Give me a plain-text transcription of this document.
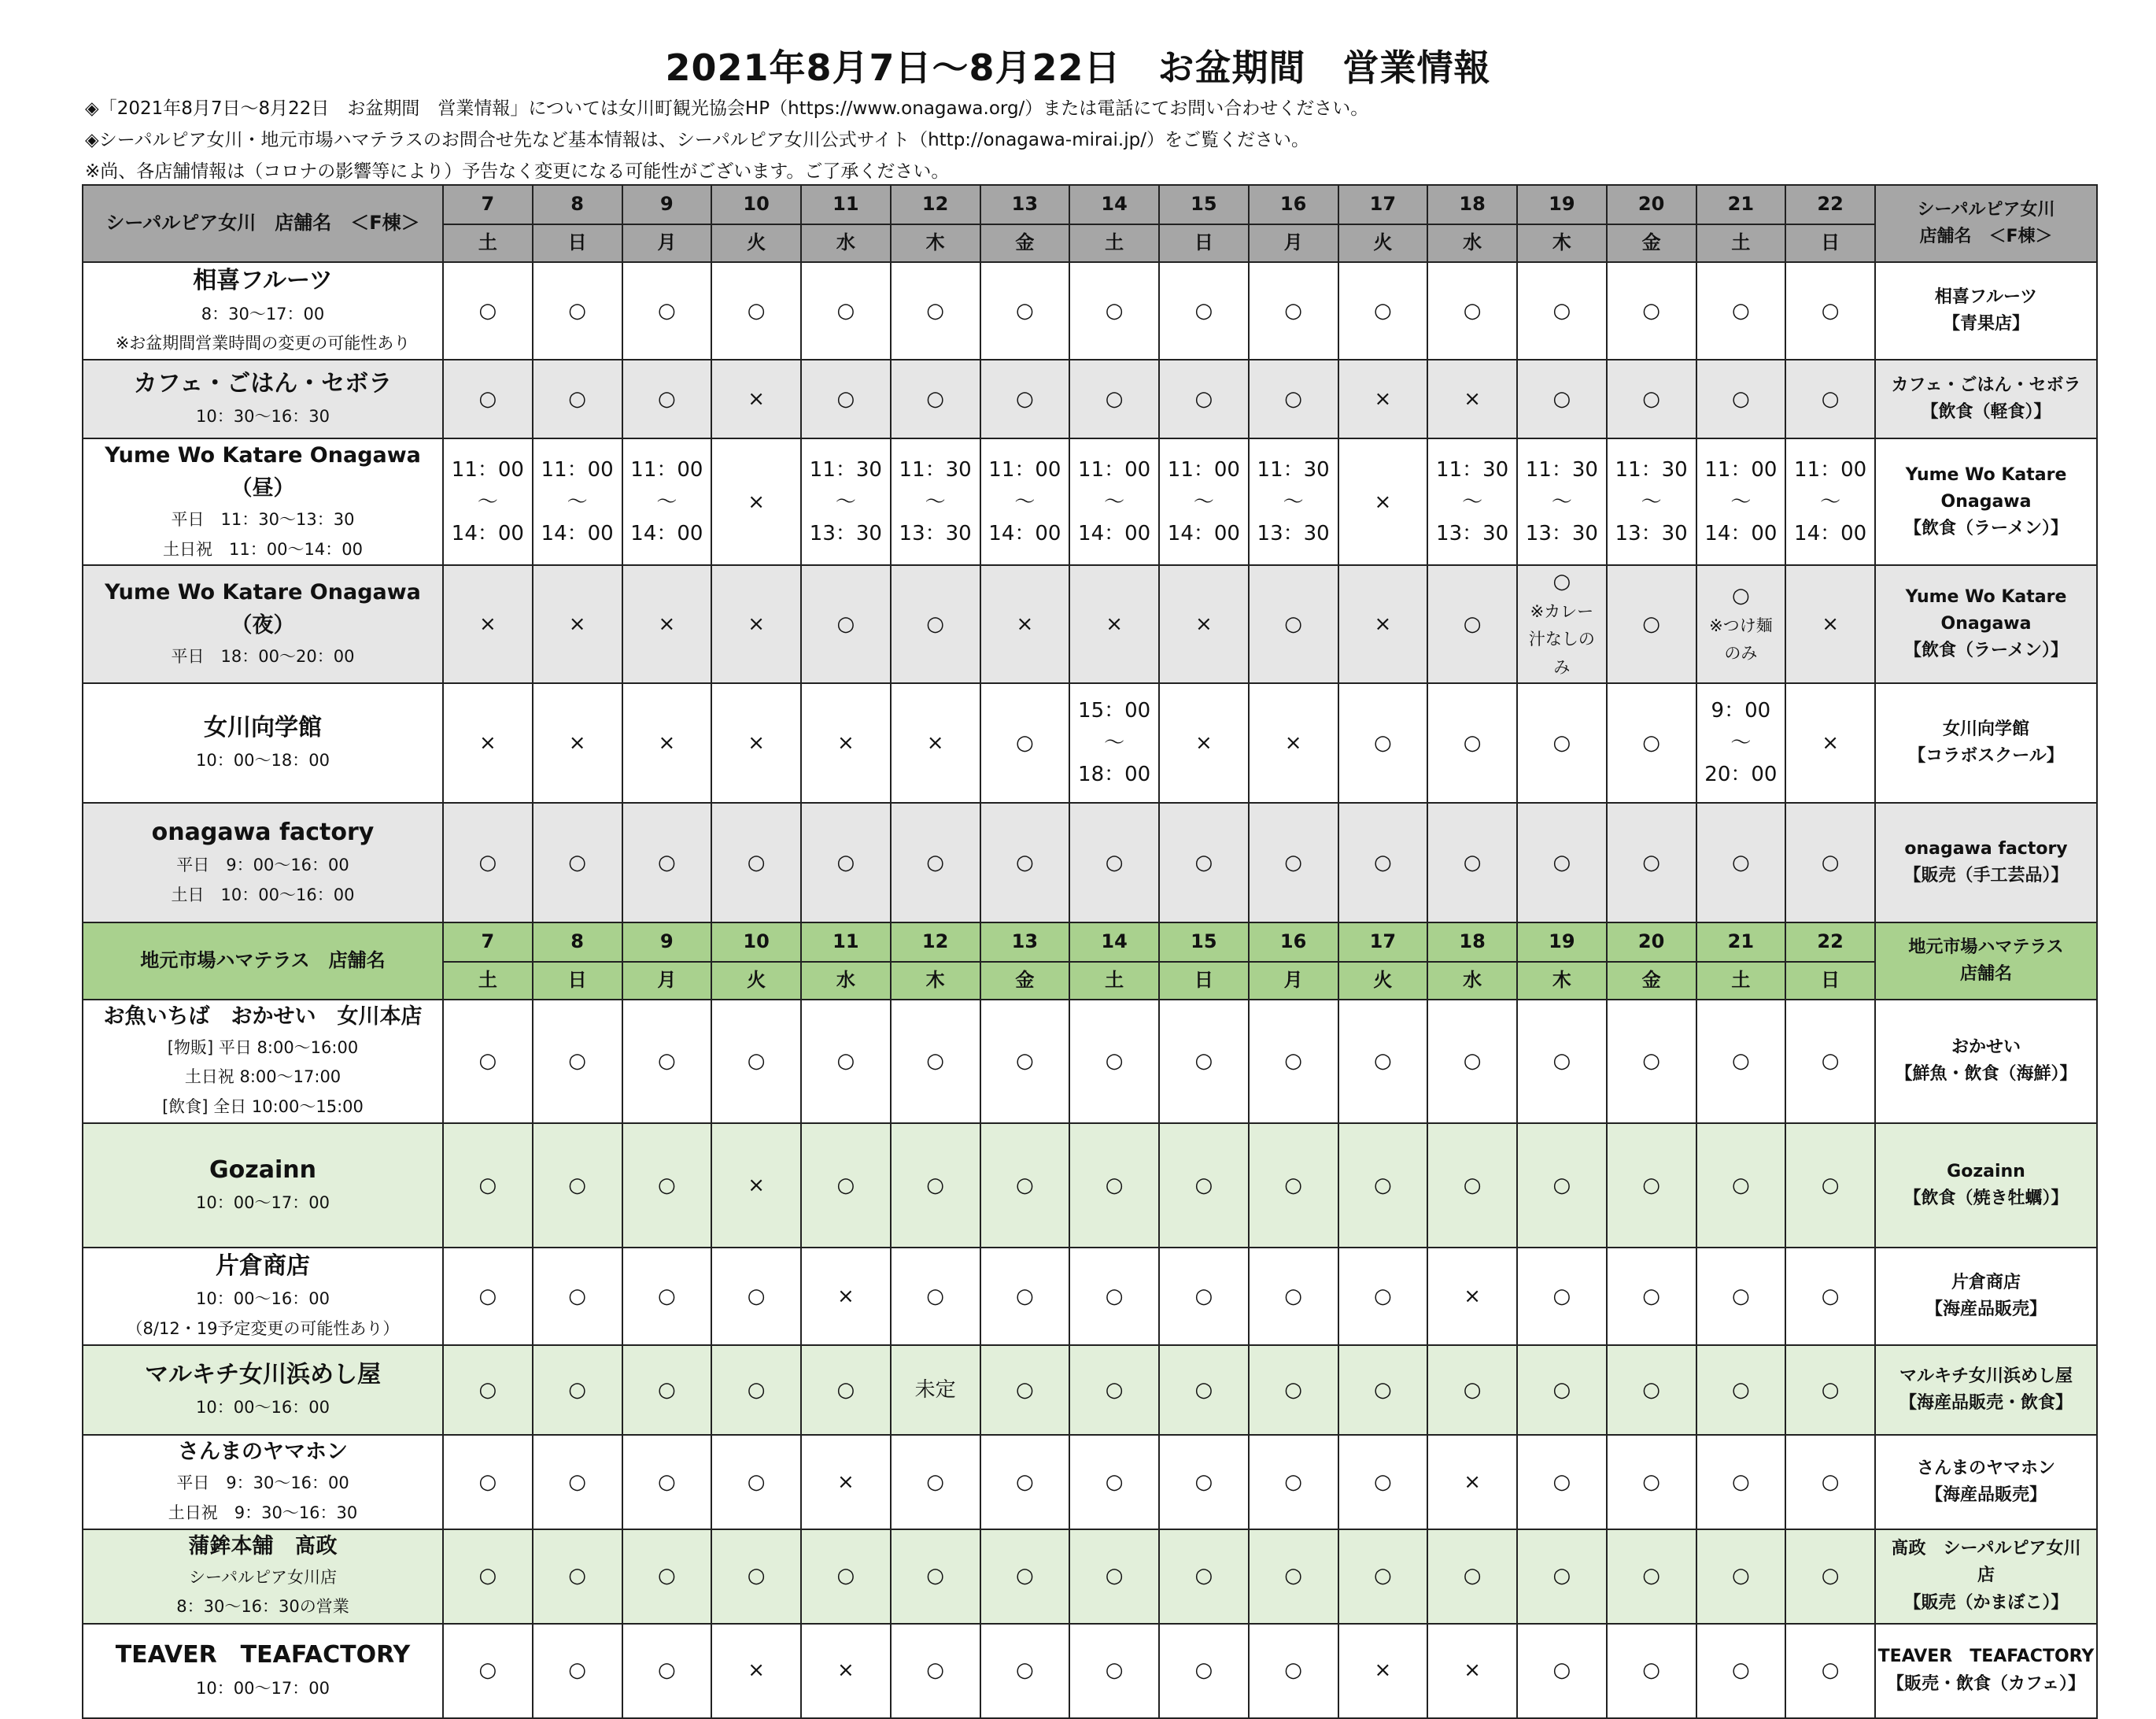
2021年8月7日～8月22日　お盆期間　営業情報
◈「2021年8月7日～8月22日　お盆期間　営業情報」については女川町観光協会HP（https://www.onagawa.org/）または電話にてお問い合わせください。
◈シーパルピア女川・地元市場ハマテラスのお問合せ先など基本情報は、シーパルピア女川公式サイト（http://onagawa-mirai.jp/）をご覧ください。
※尚、各店舗情報は（コロナの影響等により）予告なく変更になる可能性がございます。ご了承ください。
シーパルピア女川　店舗名　＜F棟＞	7	8	9	10	11	12	13	14	15	16	17	18	19	20	21	22	シーパルピア女川
店舗名　＜F棟＞

	土	日	月	火	水	木	金	土	日	月	火	水	木	金	土	日	

相喜フルーツ
8：30～17：00
※お盆期間営業時間の変更の可能性あり	○	○	○	○	○	○	○	○	○	○	○	○	○	○	○	○	相喜フルーツ
【青果店】

カフェ・ごはん・セボラ
10：30～16：30	○	○	○	×	○	○	○	○	○	○	×	×	○	○	○	○	カフェ・ごはん・セボラ
【飲食（軽食）】

Yume Wo Katare Onagawa（昼）
平日　11：30～13：30
土日祝　11：00～14：00	11：00
～
14：00	11：00
～
14：00	11：00
～
14：00	×	11：30
～
13：30	11：30
～
13：30	11：00
～
14：00	11：00
～
14：00	11：00
～
14：00	11：30
～
13：30	×	11：30
～
13：30	11：30
～
13：30	11：30
～
13：30	11：00
～
14：00	11：00
～
14：00	Yume Wo Katare
Onagawa
【飲食（ラーメン）】

Yume Wo Katare Onagawa（夜）
平日　18：00～20：00	×	×	×	×	○	○	×	×	×	○	×	○	○
※カレー
汁なしの
み	○	○
※つけ麺
のみ	×	Yume Wo Katare
Onagawa
【飲食（ラーメン）】

女川向学館
10：00～18：00	×	×	×	×	×	×	○	15：00
～
18：00	×	×	○	○	○	○	9：00
～
20：00	×	女川向学館
【コラボスクール】

onagawa factory
平日　9：00～16：00
土日　10：00～16：00	○	○	○	○	○	○	○	○	○	○	○	○	○	○	○	○	onagawa factory
【販売（手工芸品）】

地元市場ハマテラス　店舗名	7	8	9	10	11	12	13	14	15	16	17	18	19	20	21	22	地元市場ハマテラス
店舗名

	土	日	月	火	水	木	金	土	日	月	火	水	木	金	土	日	

お魚いちば　おかせい　女川本店
[物販] 平日 8:00～16:00
土日祝 8:00～17:00
[飲食] 全日 10:00～15:00	○	○	○	○	○	○	○	○	○	○	○	○	○	○	○	○	おかせい
【鮮魚・飲食（海鮮）】

Gozainn
10：00～17：00	○	○	○	×	○	○	○	○	○	○	○	○	○	○	○	○	Gozainn
【飲食（焼き牡蠣）】

片倉商店
10：00～16：00
（8/12・19予定変更の可能性あり）	○	○	○	○	×	○	○	○	○	○	○	×	○	○	○	○	片倉商店
【海産品販売】

マルキチ女川浜めし屋
10：00～16：00	○	○	○	○	○	未定	○	○	○	○	○	○	○	○	○	○	マルキチ女川浜めし屋
【海産品販売・飲食】

さんまのヤマホン
平日　9：30～16：00
土日祝　9：30～16：30	○	○	○	○	×	○	○	○	○	○	○	×	○	○	○	○	さんまのヤマホン
【海産品販売】

蒲鉾本舗　髙政
シーパルピア女川店
8：30～16：30の営業	○	○	○	○	○	○	○	○	○	○	○	○	○	○	○	○	髙政　シーパルピア女川
店
【販売（かまぼこ）】

TEAVER　TEAFACTORY
10：00～17：00	○	○	○	×	×	○	○	○	○	○	×	×	○	○	○	○	TEAVER　TEAFACTORY
【販売・飲食（カフェ）】
